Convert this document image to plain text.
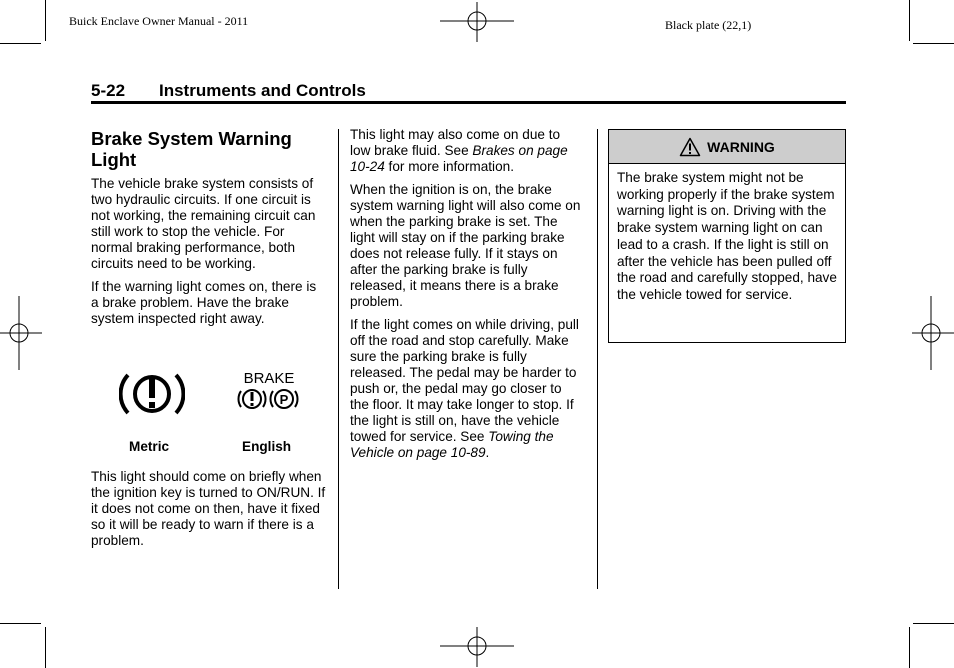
Buick Enclave Owner Manual - 2011	Black plate (22,1)
5-22 Instruments and Controls
Brake System Warning Light

The vehicle brake system consists of two hydraulic circuits. If one circuit is not working, the remaining circuit can still work to stop the vehicle. For normal braking performance, both circuits need to be working.

If the warning light comes on, there is a brake problem. Have the brake system inspected right away.

BRAKE
P
Metric	English
This light should come on briefly when the ignition key is turned to ON/RUN. If it does not come on then, have it fixed so it will be ready to warn if there is a problem.

This light may also come on due to low brake fluid. See Brakes on page 10-24 for more information.

When the ignition is on, the brake system warning light will also come on when the parking brake is set. The light will stay on if the parking brake does not release fully. If it stays on after the parking brake is fully released, it means there is a brake problem.

If the light comes on while driving, pull off the road and stop carefully. Make sure the parking brake is fully released. The pedal may be harder to push or, the pedal may go closer to the floor. It may take longer to stop. If the light is still on, have the vehicle towed for service. See Towing the Vehicle on page 10-89.

WARNING

The brake system might not be working properly if the brake system warning light is on. Driving with the brake system warning light on can lead to a crash. If the light is still on after the vehicle has been pulled off the road and carefully stopped, have the vehicle towed for service.
